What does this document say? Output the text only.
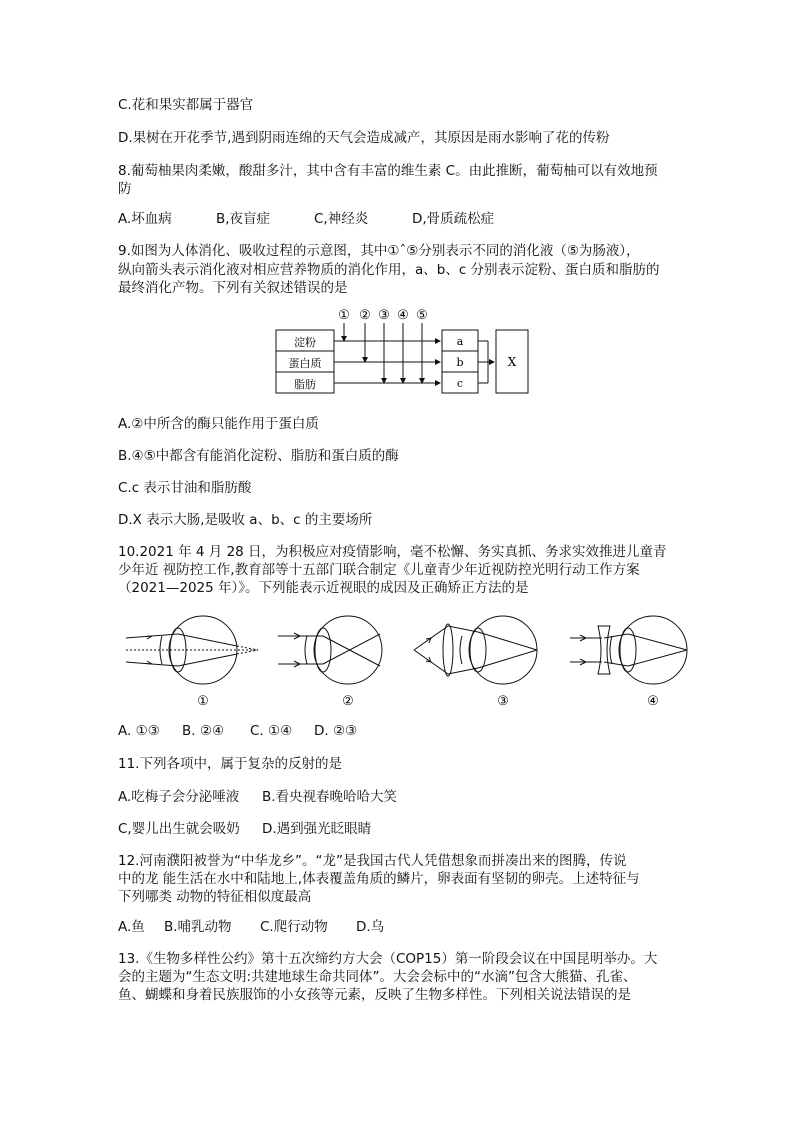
C.花和果实都属于器官
D.果树在开花季节,遇到阴雨连绵的天气会造成减产，其原因是雨水影响了花的传粉
8.葡萄柚果肉柔嫩，酸甜多汁，其中含有丰富的维生素 C。由此推断，葡萄柚可以有效地预
防
A.坏血病	B,夜盲症	C,神经炎	D,骨质疏松症
9.如图为人体消化、吸收过程的示意图，其中①ˆ⑤分别表示不同的消化液（⑤为肠液），
纵向箭头表示消化液对相应营养物质的消化作用，a、b、c 分别表示淀粉、蛋白质和脂肪的
最终消化产物。下列有关叙述错误的是
① ② ③ ④ ⑤
淀粉
蛋白质
脂肪
a
b
c
X
A.②中所含的酶只能作用于蛋白质
B.④⑤中都含有能消化淀粉、脂肪和蛋白质的酶
C.c 表示甘油和脂肪酸
D.X 表示大肠,是吸收 a、b、c 的主要场所
10.2021 年 4 月 28 日，为积极应对疫情影响，毫不松懈、务实真抓、务求实效推进儿童青
少年近 视防控工作,教育部等十五部门联合制定《儿童青少年近视防控光明行动工作方案
（2021—2025 年）》。下列能表示近视眼的成因及正确矫正方法的是
①	②	③	④
A. ①③ B. ②④ C. ①④ D. ②③
11.下列各项中，属于复杂的反射的是
A.吃梅子会分泌唾液 B.看央视春晚哈哈大笑
C,婴儿出生就会吸奶 D.遇到强光眨眼睛
12.河南濮阳被誉为“中华龙乡”。“龙”是我国古代人凭借想象而拼凑出来的图腾，传说
中的龙 能生活在水中和陆地上,体表覆盖角质的鳞片，卵表面有坚韧的卵壳。上述特征与
下列哪类 动物的特征相似度最高
A.鱼 B.哺乳动物 C.爬行动物 D.乌
13.《生物多样性公约》第十五次缔约方大会（COP15）第一阶段会议在中国昆明举办。大
会的主题为“生态文明:共建地球生命共同体”。大会会标中的“水滴”包含大熊猫、孔雀、
鱼、蝴蝶和身着民族服饰的小女孩等元素，反映了生物多样性。下列相关说法错误的是
